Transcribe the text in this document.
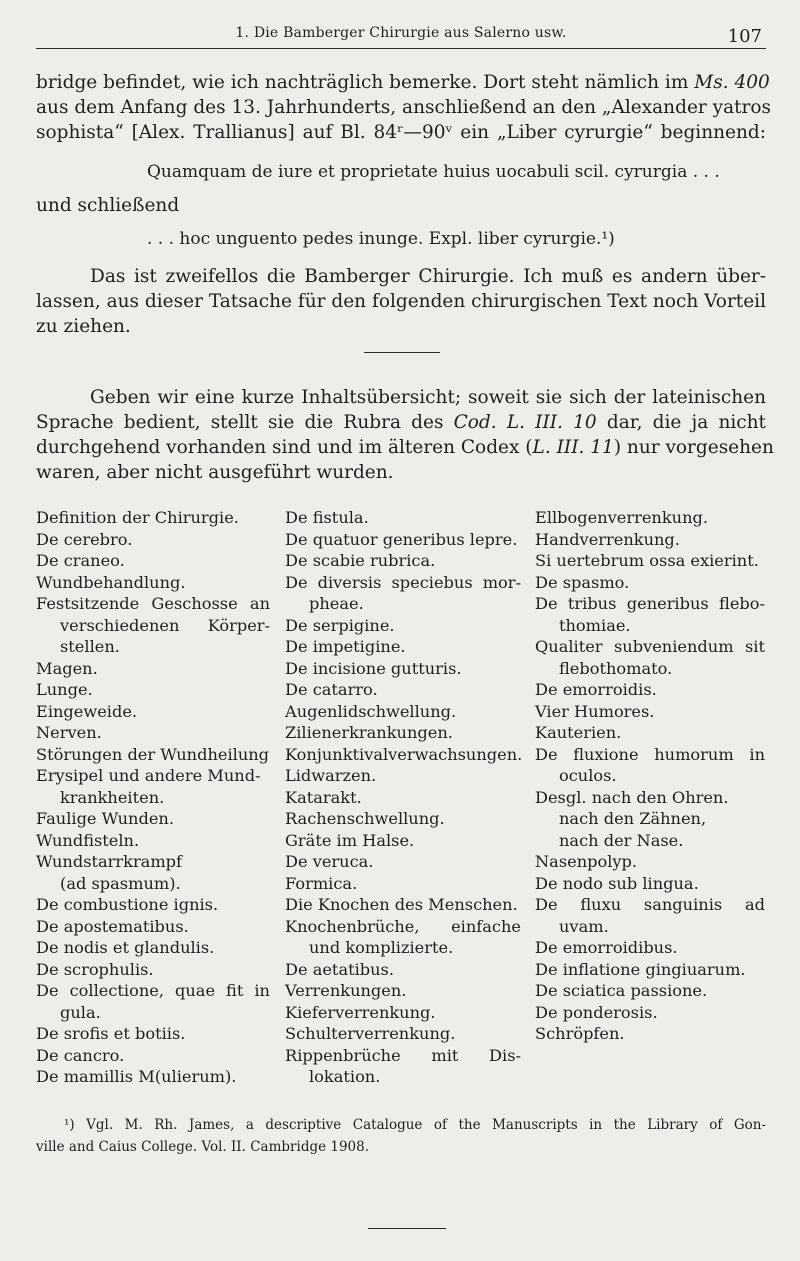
1. Die Bamberger Chirurgie aus Salerno usw.	107
bridge befindet, wie ich nachträglich bemerke. Dort steht nämlich im Ms. 400
aus dem Anfang des 13. Jahrhunderts, anschließend an den „Alexander yatros
sophista“ [Alex. Trallianus] auf Bl. 84ʳ—90ᵛ ein „Liber cyrurgie“ beginnend:
Quamquam de iure et proprietate huius uocabuli scil. cyrurgia . . .
und schließend
. . . hoc unguento pedes inunge. Expl. liber cyrurgie.¹)
Das ist zweifellos die Bamberger Chirurgie. Ich muß es andern über-
lassen, aus dieser Tatsache für den folgenden chirurgischen Text noch Vorteil
zu ziehen.
Geben wir eine kurze Inhaltsübersicht; soweit sie sich der lateinischen
Sprache bedient, stellt sie die Rubra des Cod. L. III. 10 dar, die ja nicht
durchgehend vorhanden sind und im älteren Codex (L. III. 11) nur vorgesehen
waren, aber nicht ausgeführt wurden.
Definition der Chirurgie.
De cerebro.
De craneo.
Wundbehandlung.
Festsitzende Geschosse an
verschiedenen Körper-
stellen.
Magen.
Lunge.
Eingeweide.
Nerven.
Störungen der Wundheilung
Erysipel und andere Mund-
krankheiten.
Faulige Wunden.
Wundfisteln.
Wundstarrkrampf
(ad spasmum).
De combustione ignis.
De apostematibus.
De nodis et glandulis.
De scrophulis.
De collectione, quae fit in
gula.
De srofis et botiis.
De cancro.
De mamillis M(ulierum).
De fistula.
De quatuor generibus lepre.
De scabie rubrica.
De diversis speciebus mor-
pheae.
De serpigine.
De impetigine.
De incisione gutturis.
De catarro.
Augenlidschwellung.
Zilienerkrankungen.
Konjunktivalverwachsungen.
Lidwarzen.
Katarakt.
Rachenschwellung.
Gräte im Halse.
De veruca.
Formica.
Die Knochen des Menschen.
Knochenbrüche, einfache
und komplizierte.
De aetatibus.
Verrenkungen.
Kieferverrenkung.
Schulterverrenkung.
Rippenbrüche mit Dis-
lokation.
Ellbogenverrenkung.
Handverrenkung.
Si uertebrum ossa exierint.
De spasmo.
De tribus generibus flebo-
thomiae.
Qualiter subveniendum sit
flebothomato.
De emorroidis.
Vier Humores.
Kauterien.
De fluxione humorum in
oculos.
Desgl. nach den Ohren.
nach den Zähnen,
nach der Nase.
Nasenpolyp.
De nodo sub lingua.
De fluxu sanguinis ad
uvam.
De emorroidibus.
De inflatione gingiuarum.
De sciatica passione.
De ponderosis.
Schröpfen.
¹) Vgl. M. Rh. James, a descriptive Catalogue of the Manuscripts in the Library of Gon-
ville and Caius College. Vol. II. Cambridge 1908.
